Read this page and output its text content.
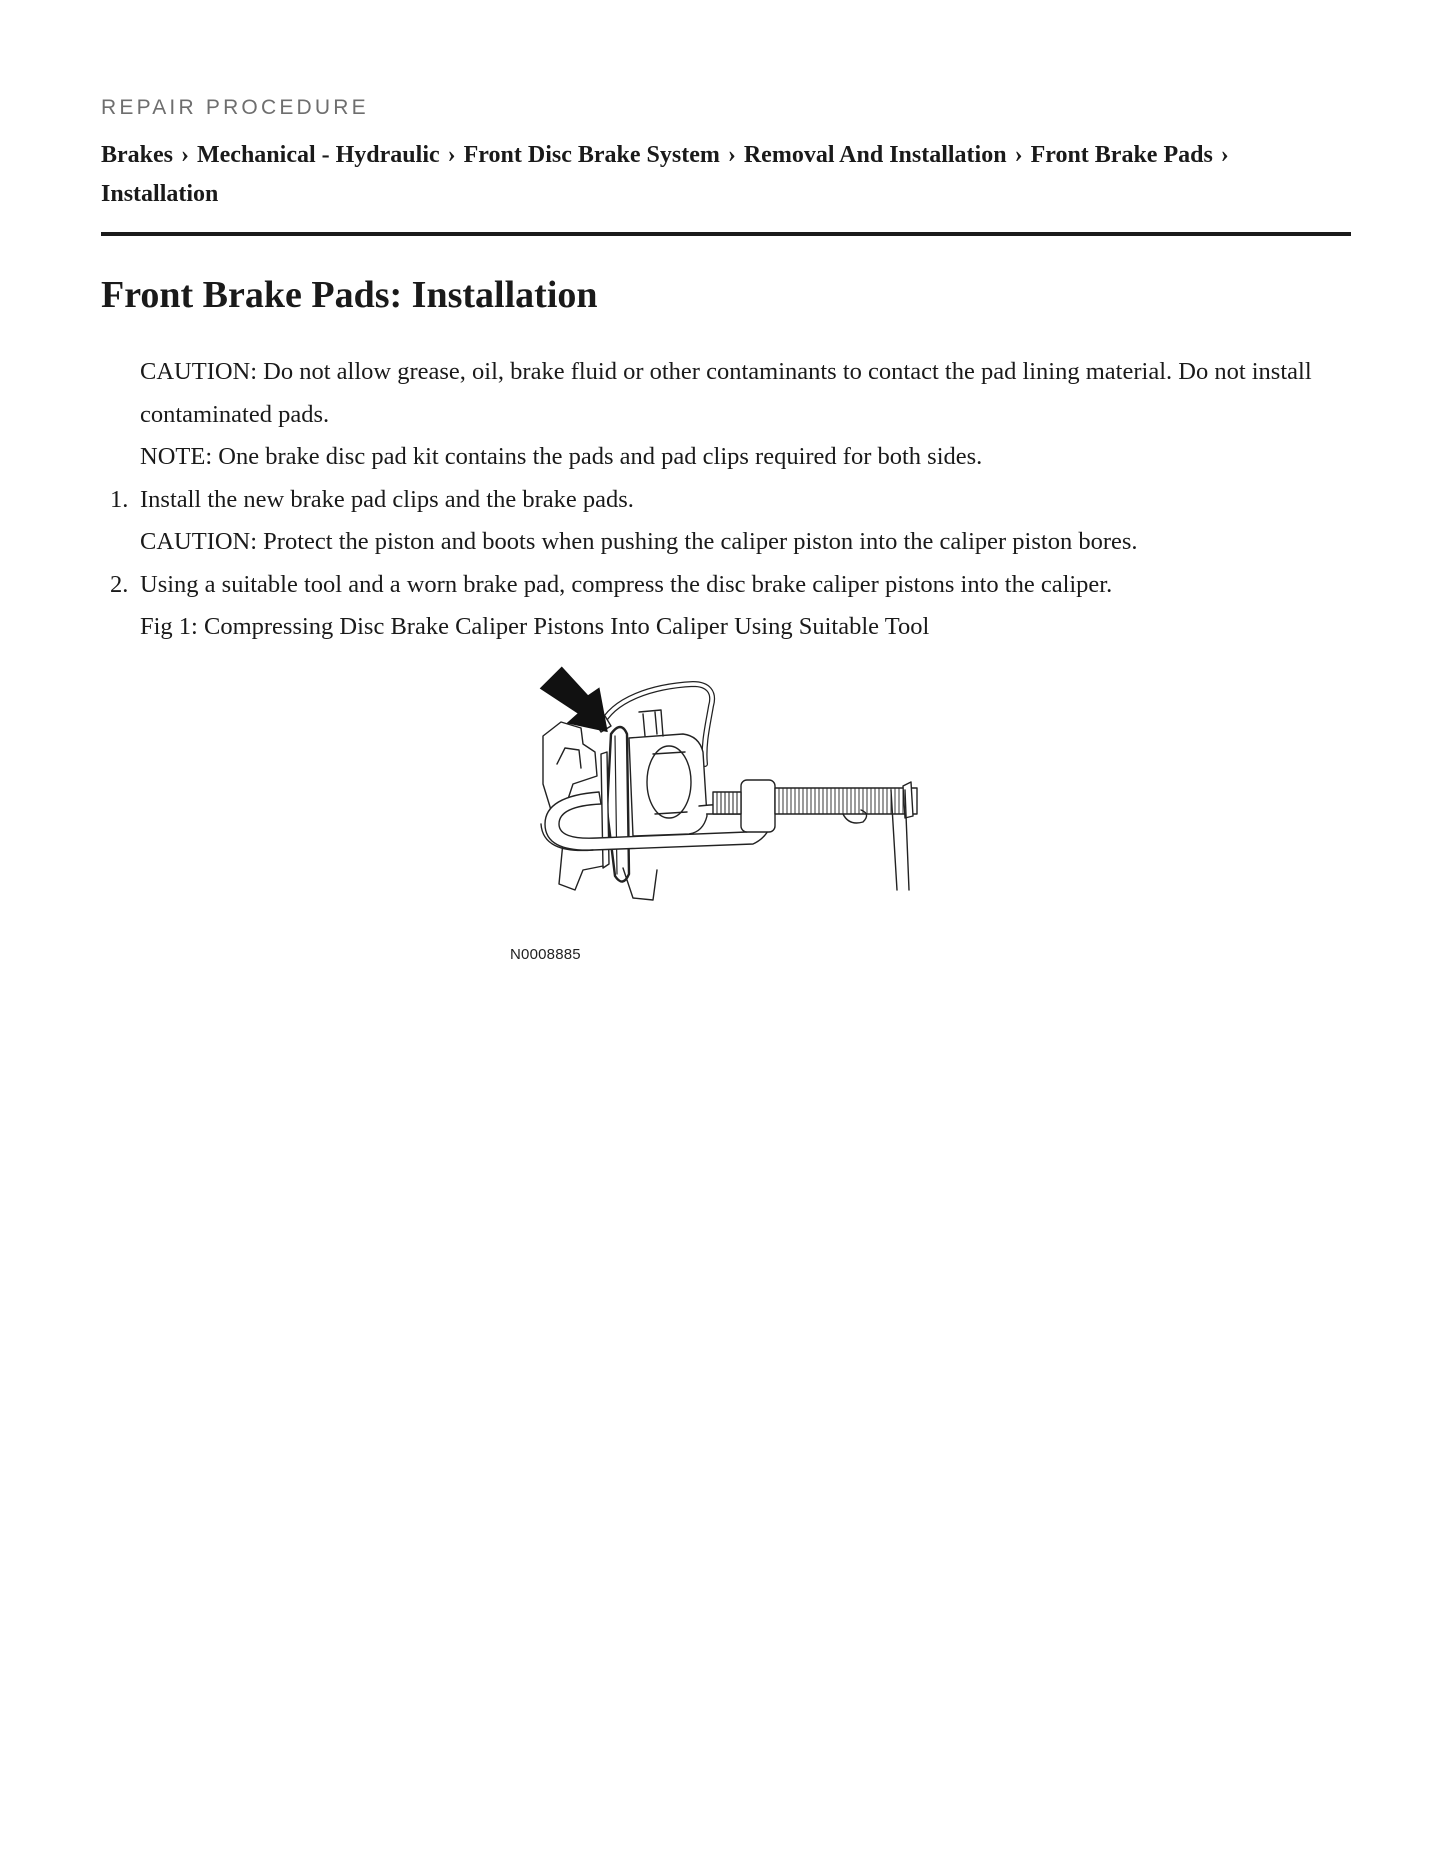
REPAIR PROCEDURE

Brakes › Mechanical - Hydraulic › Front Disc Brake System › Removal And Installation › Front Brake Pads ›
Installation
Front Brake Pads: Installation
CAUTION: Do not allow grease, oil, brake fluid or other contaminants to contact the pad lining material. Do not install contaminated pads.
NOTE: One brake disc pad kit contains the pads and pad clips required for both sides.
1. Install the new brake pad clips and the brake pads.
CAUTION: Protect the piston and boots when pushing the caliper piston into the caliper piston bores.
2. Using a suitable tool and a worn brake pad, compress the disc brake caliper pistons into the caliper.
Fig 1: Compressing Disc Brake Caliper Pistons Into Caliper Using Suitable Tool
N0008885
